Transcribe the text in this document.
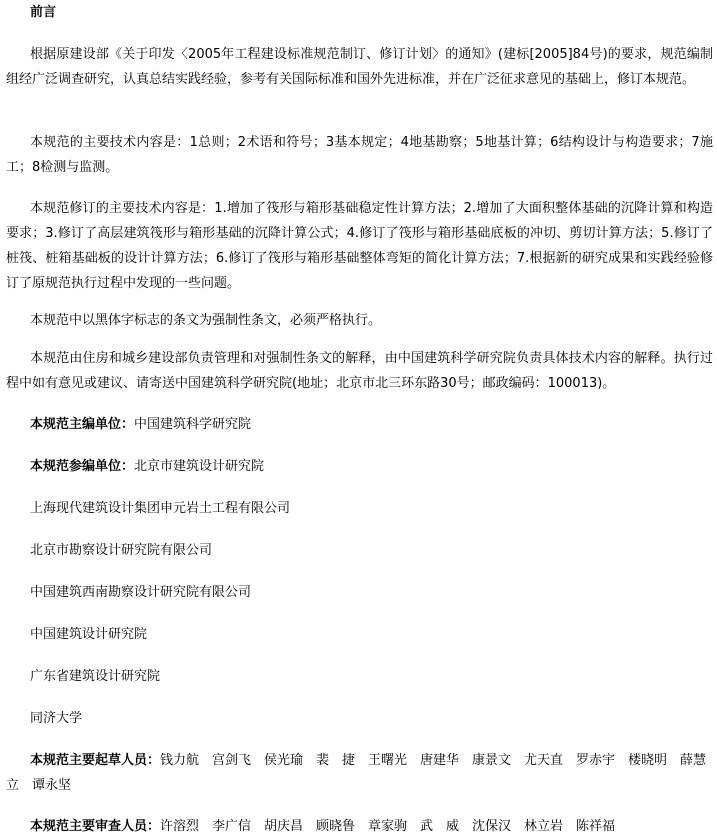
前言
根据原建设部《关于印发〈2005年工程建设标准规范制订、修订计划〉的通知》(建标[2005]84号)的要求，规范编制组经广泛调查研究，认真总结实践经验，参考有关国际标准和国外先进标准，并在广泛征求意见的基础上，修订本规范。
本规范的主要技术内容是：1总则；2术语和符号；3基本规定；4地基勘察；5地基计算；6结构设计与构造要求；7施工；8检测与监测。
本规范修订的主要技术内容是：1.增加了筏形与箱形基础稳定性计算方法；2.增加了大面积整体基础的沉降计算和构造要求；3.修订了高层建筑筏形与箱形基础的沉降计算公式；4.修订了筏形与箱形基础底板的冲切、剪切计算方法；5.修订了桩筏、桩箱基础板的设计计算方法；6.修订了筏形与箱形基础整体弯矩的简化计算方法；7.根据新的研究成果和实践经验修订了原规范执行过程中发现的一些问题。
本规范中以黑体字标志的条文为强制性条文，必须严格执行。
本规范由住房和城乡建设部负责管理和对强制性条文的解释，由中国建筑科学研究院负责具体技术内容的解释。执行过程中如有意见或建议、请寄送中国建筑科学研究院(地址；北京市北三环东路30号；邮政编码：100013)。
本规范主编单位：中国建筑科学研究院
本规范参编单位：北京市建筑设计研究院
上海现代建筑设计集团申元岩土工程有限公司
北京市勘察设计研究院有限公司
中国建筑西南勘察设计研究院有限公司
中国建筑设计研究院
广东省建筑设计研究院
同济大学
本规范主要起草人员：钱力航　宫剑飞　侯光瑜　裴　捷　王曙光　唐建华　康景文　尤天直　罗赤宇　楼晓明　薛慧立　谭永坚
本规范主要审查人员：许溶烈　李广信　胡庆昌　顾晓鲁　章家驹　武　威　沈保汉　林立岩　陈祥福
